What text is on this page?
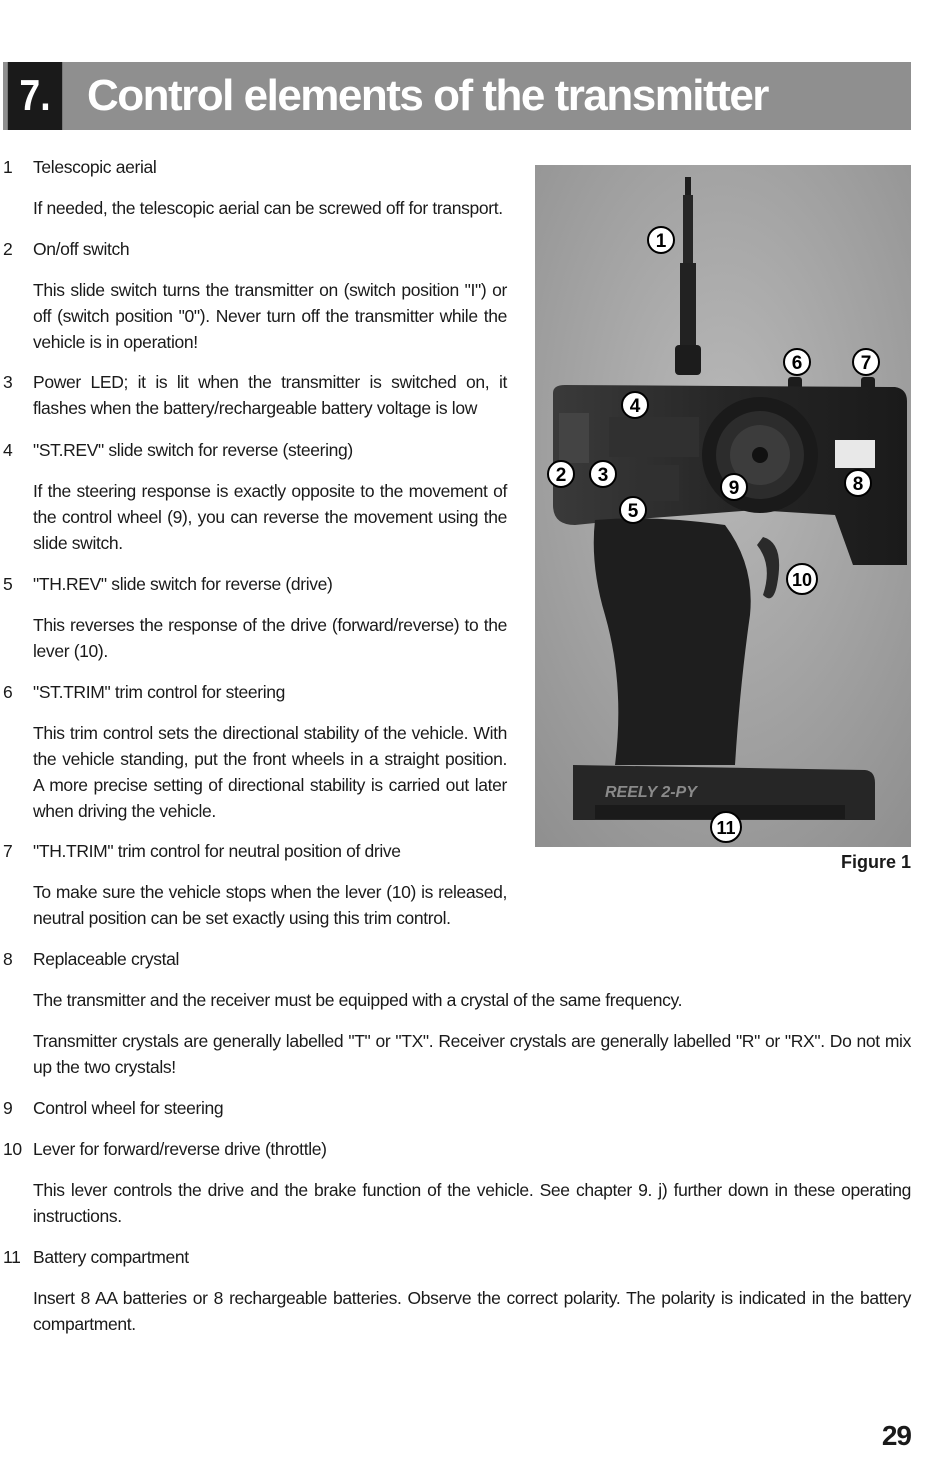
7. Control elements of the transmitter
1	Telescopic aerial
If needed, the telescopic aerial can be screwed off for transport.
2	On/off switch
This slide switch turns the transmitter on (switch position "I") or off (switch position "0"). Never turn off the transmitter while the vehicle is in operation!
3	Power LED; it is lit when the transmitter is switched on, it flashes when the battery/rechargeable battery voltage is low
4	"ST.REV" slide switch for reverse (steering)
If the steering response is exactly opposite to the movement of the control wheel (9), you can reverse the movement using the slide switch.
5	"TH.REV" slide switch for reverse (drive)
This reverses the response of the drive (forward/reverse) to the lever (10).
6	"ST.TRIM" trim control for steering
This trim control sets the directional stability of the vehicle. With the vehicle standing, put the front wheels in a straight position. A more precise setting of directional stability is carried out later when driving the vehicle.
7	"TH.TRIM" trim control for neutral position of drive
To make sure the vehicle stops when the lever (10) is released, neutral position can be set exactly using this trim control.
8	Replaceable crystal
The transmitter and the receiver must be equipped with a crystal of the same frequency.
Transmitter crystals are generally labelled "T" or "TX". Receiver crystals are generally labelled "R" or "RX". Do not mix up the two crystals!
9	Control wheel for steering
10 Lever for forward/reverse drive (throttle)
This lever controls the drive and the brake function of the vehicle. See chapter 9. j) further down in these operating instructions.
11 Battery compartment
Insert 8 AA batteries or 8 rechargeable batteries. Observe the correct polarity. The polarity is indicated in the battery compartment.
REELY 2-PY
1
2 3
4
5
6	7
8
9
10
11
Figure 1
29
